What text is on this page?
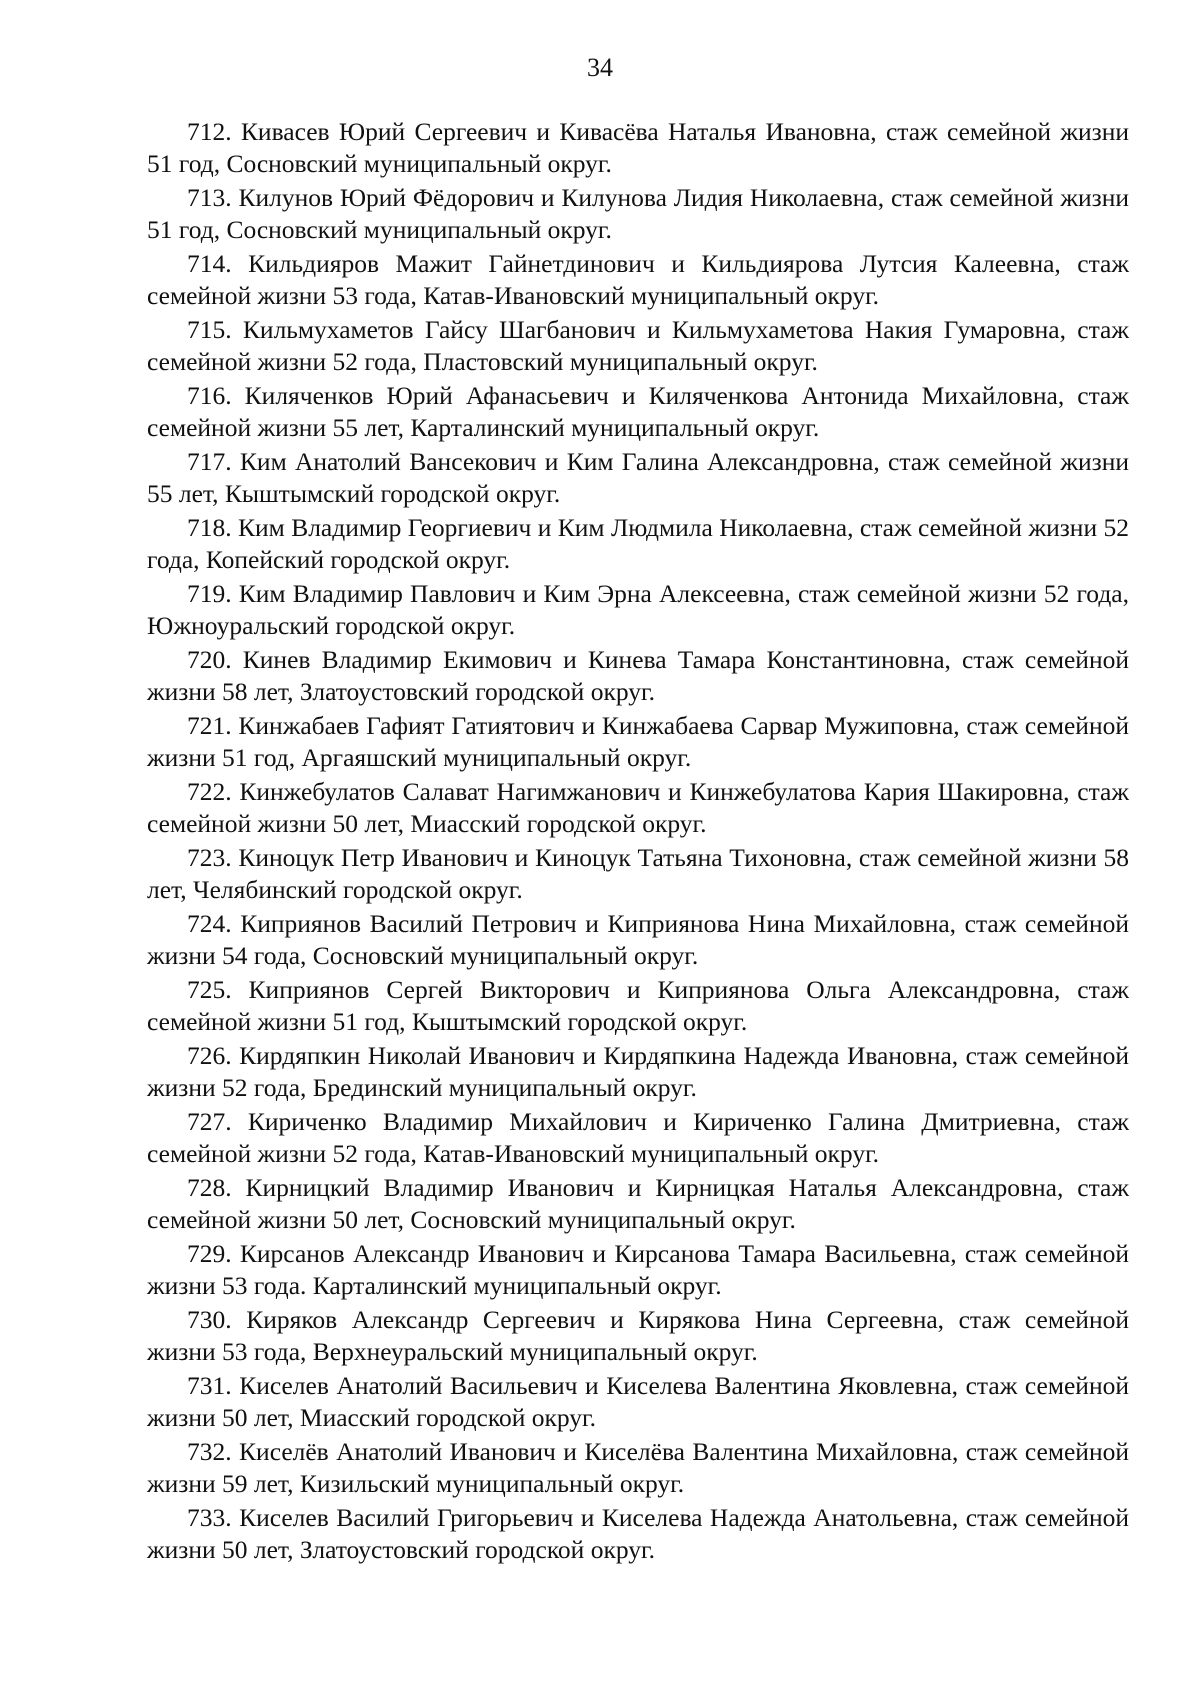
34

712. Кивасев Юрий Сергеевич и Кивасёва Наталья Ивановна, стаж семейной жизни 51 год, Сосновский муниципальный округ.

713. Килунов Юрий Фёдорович и Килунова Лидия Николаевна, стаж семейной жизни 51 год, Сосновский муниципальный округ.

714. Кильдияров Мажит Гайнетдинович и Кильдиярова Лутсия Калеевна, стаж семейной жизни 53 года, Катав-Ивановский муниципальный округ.

715. Кильмухаметов Гайсу Шагбанович и Кильмухаметова Накия Гумаровна, стаж семейной жизни 52 года, Пластовский муниципальный округ.

716. Киляченков Юрий Афанасьевич и Киляченкова Антонида Михайловна, стаж семейной жизни 55 лет, Карталинский муниципальный округ.

717. Ким Анатолий Вансекович и Ким Галина Александровна, стаж семейной жизни 55 лет, Кыштымский городской округ.

718. Ким Владимир Георгиевич и Ким Людмила Николаевна, стаж семейной жизни 52 года, Копейский городской округ.

719. Ким Владимир Павлович и Ким Эрна Алексеевна, стаж семейной жизни 52 года, Южноуральский городской округ.

720. Кинев Владимир Екимович и Кинева Тамара Константиновна, стаж семейной жизни 58 лет, Златоустовский городской округ.

721. Кинжабаев Гафият Гатиятович и Кинжабаева Сарвар Мужиповна, стаж семейной жизни 51 год, Аргаяшский муниципальный округ.

722. Кинжебулатов Салават Нагимжанович и Кинжебулатова Кария Шакировна, стаж семейной жизни 50 лет, Миасский городской округ.

723. Киноцук Петр Иванович и Киноцук Татьяна Тихоновна, стаж семейной жизни 58 лет, Челябинский городской округ.

724. Киприянов Василий Петрович и Киприянова Нина Михайловна, стаж семейной жизни 54 года, Сосновский муниципальный округ.

725. Киприянов Сергей Викторович и Киприянова Ольга Александровна, стаж семейной жизни 51 год, Кыштымский городской округ.

726. Кирдяпкин Николай Иванович и Кирдяпкина Надежда Ивановна, стаж семейной жизни 52 года, Брединский муниципальный округ.

727. Кириченко Владимир Михайлович и Кириченко Галина Дмитриевна, стаж семейной жизни 52 года, Катав-Ивановский муниципальный округ.

728. Кирницкий Владимир Иванович и Кирницкая Наталья Александровна, стаж семейной жизни 50 лет, Сосновский муниципальный округ.

729. Кирсанов Александр Иванович и Кирсанова Тамара Васильевна, стаж семейной жизни 53 года. Карталинский муниципальный округ.

730. Киряков Александр Сергеевич и Кирякова Нина Сергеевна, стаж семейной жизни 53 года, Верхнеуральский муниципальный округ.

731. Киселев Анатолий Васильевич и Киселева Валентина Яковлевна, стаж семейной жизни 50 лет, Миасский городской округ.

732. Киселёв Анатолий Иванович и Киселёва Валентина Михайловна, стаж семейной жизни 59 лет, Кизильский муниципальный округ.

733. Киселев Василий Григорьевич и Киселева Надежда Анатольевна, стаж семейной жизни 50 лет, Златоустовский городской округ.
